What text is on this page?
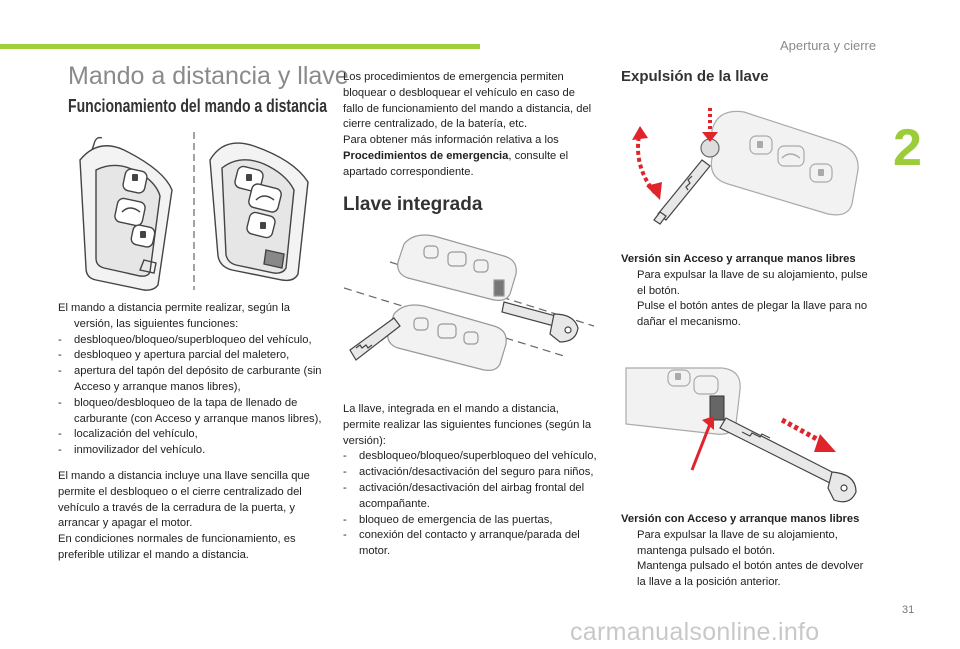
Apertura y cierre
2
Mando a distancia y llave
Funcionamiento del mando a distancia
El mando a distancia permite realizar, según la versión, las siguientes funciones:
- desbloqueo/bloqueo/superbloqueo del vehículo,
- desbloqueo y apertura parcial del maletero,
- apertura del tapón del depósito de carburante (sin Acceso y arranque manos libres),
- bloqueo/desbloqueo de la tapa de llenado de carburante (con Acceso y arranque manos libres),
- localización del vehículo,
- inmovilizador del vehículo.
El mando a distancia incluye una llave sencilla que permite el desbloqueo o el cierre centralizado del vehículo a través de la cerradura de la puerta, y arrancar y apagar el motor.
En condiciones normales de funcionamiento, es preferible utilizar el mando a distancia.
Los procedimientos de emergencia permiten bloquear o desbloquear el vehículo en caso de fallo de funcionamiento del mando a distancia, del cierre centralizado, de la batería, etc.
Para obtener más información relativa a los Procedimientos de emergencia, consulte el apartado correspondiente.
Llave integrada
La llave, integrada en el mando a distancia, permite realizar las siguientes funciones (según la versión):
- desbloqueo/bloqueo/superbloqueo del vehículo,
- activación/desactivación del seguro para niños,
- activación/desactivación del airbag frontal del acompañante.
- bloqueo de emergencia de las puertas,
- conexión del contacto y arranque/parada del motor.
Expulsión de la llave
Versión sin Acceso y arranque manos libres
Para expulsar la llave de su alojamiento, pulse el botón.
Pulse el botón antes de plegar la llave para no dañar el mecanismo.
Versión con Acceso y arranque manos libres
Para expulsar la llave de su alojamiento, mantenga pulsado el botón.
Mantenga pulsado el botón antes de devolver la llave a la posición anterior.
31
carmanualsonline.info
